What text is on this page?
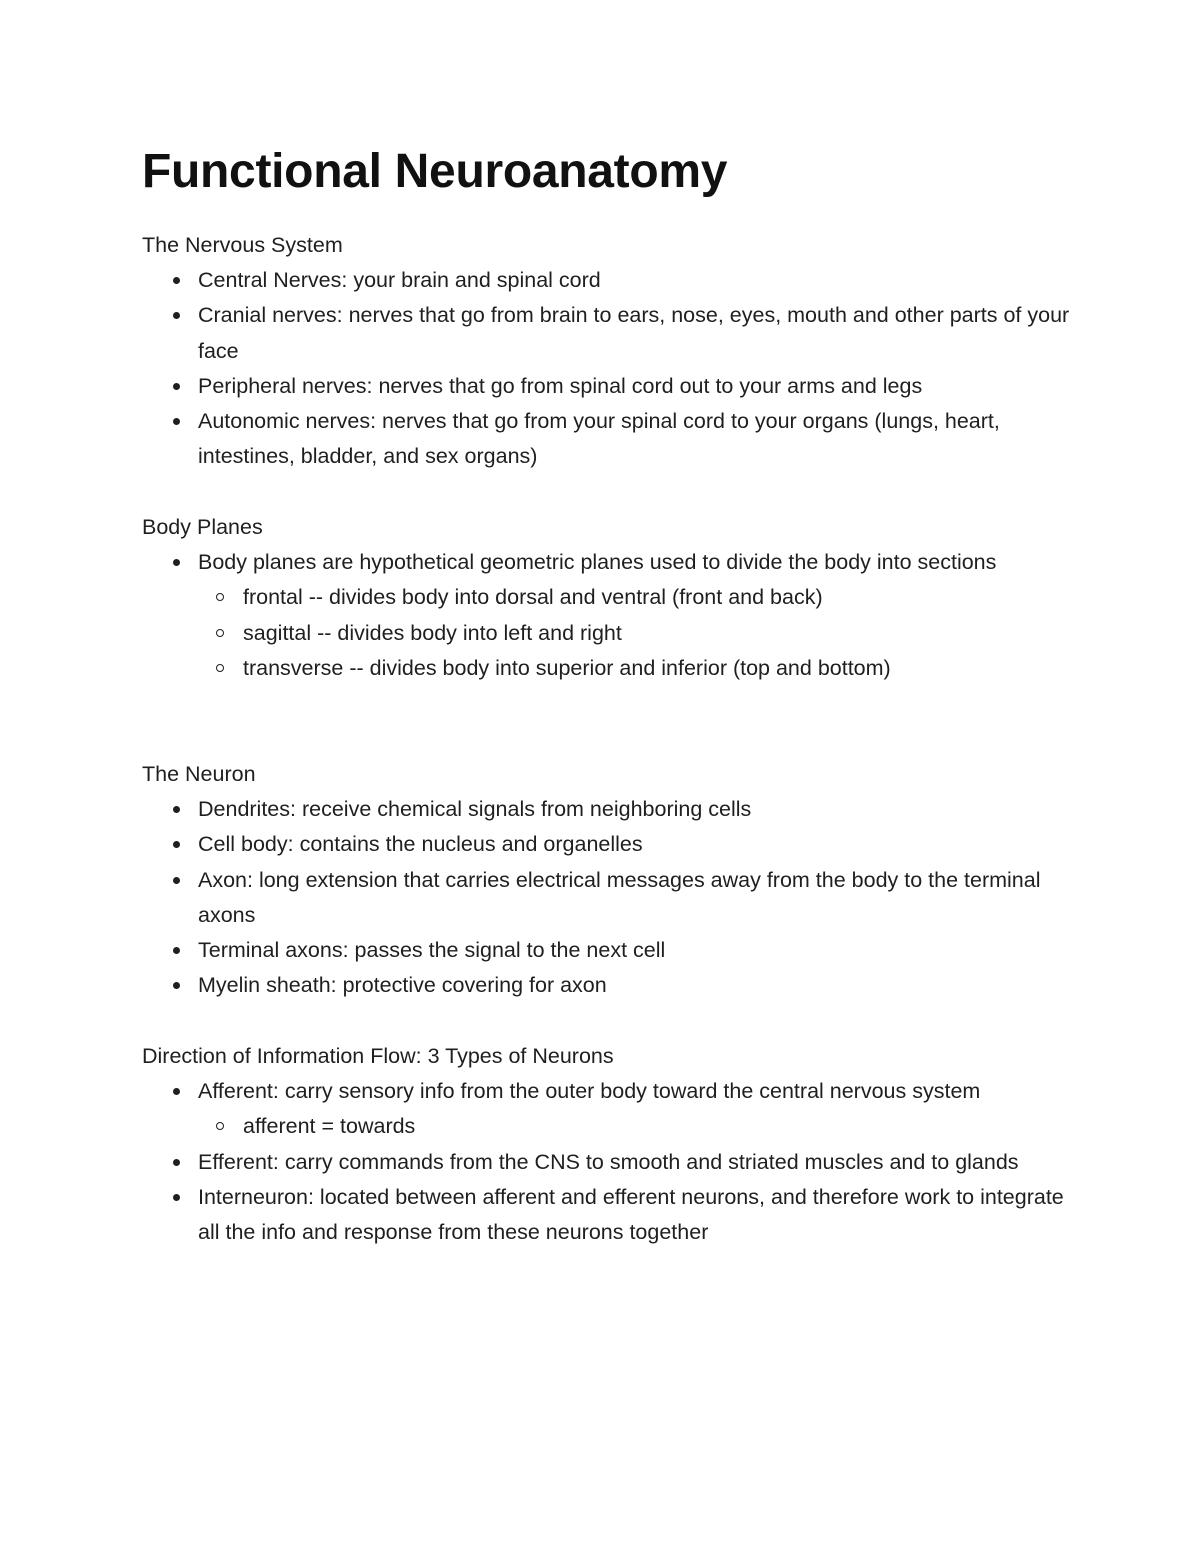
Functional Neuroanatomy

The Nervous System

Central Nerves: your brain and spinal cord
Cranial nerves: nerves that go from brain to ears, nose, eyes, mouth and other parts of your face
Peripheral nerves: nerves that go from spinal cord out to your arms and legs
Autonomic nerves: nerves that go from your spinal cord to your organs (lungs, heart, intestines, bladder, and sex organs)

Body Planes

Body planes are hypothetical geometric planes used to divide the body into sections
frontal -- divides body into dorsal and ventral (front and back)
sagittal -- divides body into left and right
transverse -- divides body into superior and inferior (top and bottom)

The Neuron

Dendrites: receive chemical signals from neighboring cells
Cell body: contains the nucleus and organelles
Axon: long extension that carries electrical messages away from the body to the terminal axons
Terminal axons: passes the signal to the next cell
Myelin sheath: protective covering for axon

Direction of Information Flow: 3 Types of Neurons

Afferent: carry sensory info from the outer body toward the central nervous system
afferent = towards
Efferent: carry commands from the CNS to smooth and striated muscles and to glands
Interneuron: located between afferent and efferent neurons, and therefore work to integrate all the info and response from these neurons together
